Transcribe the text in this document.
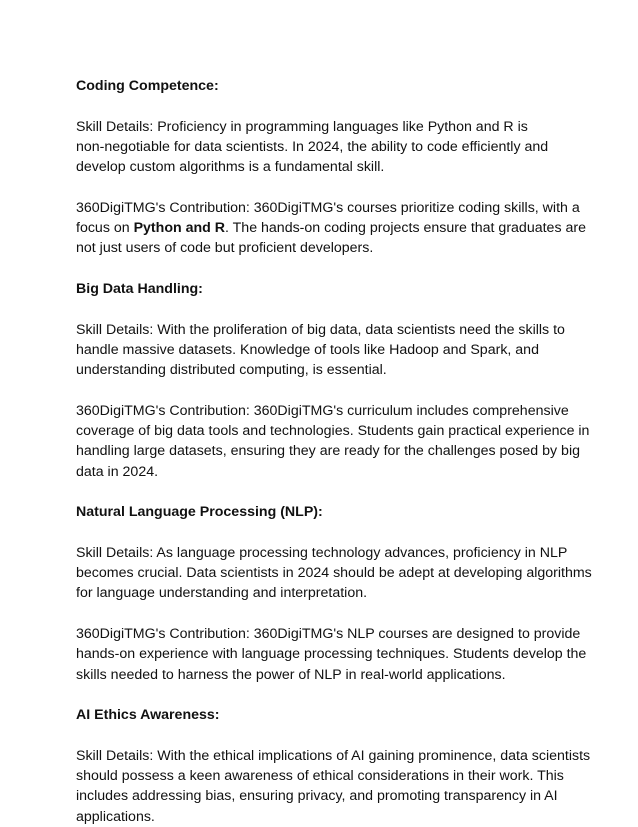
Coding Competence:

Skill Details: Proficiency in programming languages like Python and R is
non-negotiable for data scientists. In 2024, the ability to code efficiently and
develop custom algorithms is a fundamental skill.
360DigiTMG's Contribution: 360DigiTMG's courses prioritize coding skills, with a
focus on Python and R. The hands-on coding projects ensure that graduates are
not just users of code but proficient developers.

Big Data Handling:

Skill Details: With the proliferation of big data, data scientists need the skills to
handle massive datasets. Knowledge of tools like Hadoop and Spark, and
understanding distributed computing, is essential.
360DigiTMG's Contribution: 360DigiTMG's curriculum includes comprehensive
coverage of big data tools and technologies. Students gain practical experience in
handling large datasets, ensuring they are ready for the challenges posed by big
data in 2024.

Natural Language Processing (NLP):

Skill Details: As language processing technology advances, proficiency in NLP
becomes crucial. Data scientists in 2024 should be adept at developing algorithms
for language understanding and interpretation.
360DigiTMG's Contribution: 360DigiTMG's NLP courses are designed to provide
hands-on experience with language processing techniques. Students develop the
skills needed to harness the power of NLP in real-world applications.

AI Ethics Awareness:

Skill Details: With the ethical implications of AI gaining prominence, data scientists
should possess a keen awareness of ethical considerations in their work. This
includes addressing bias, ensuring privacy, and promoting transparency in AI
applications.
